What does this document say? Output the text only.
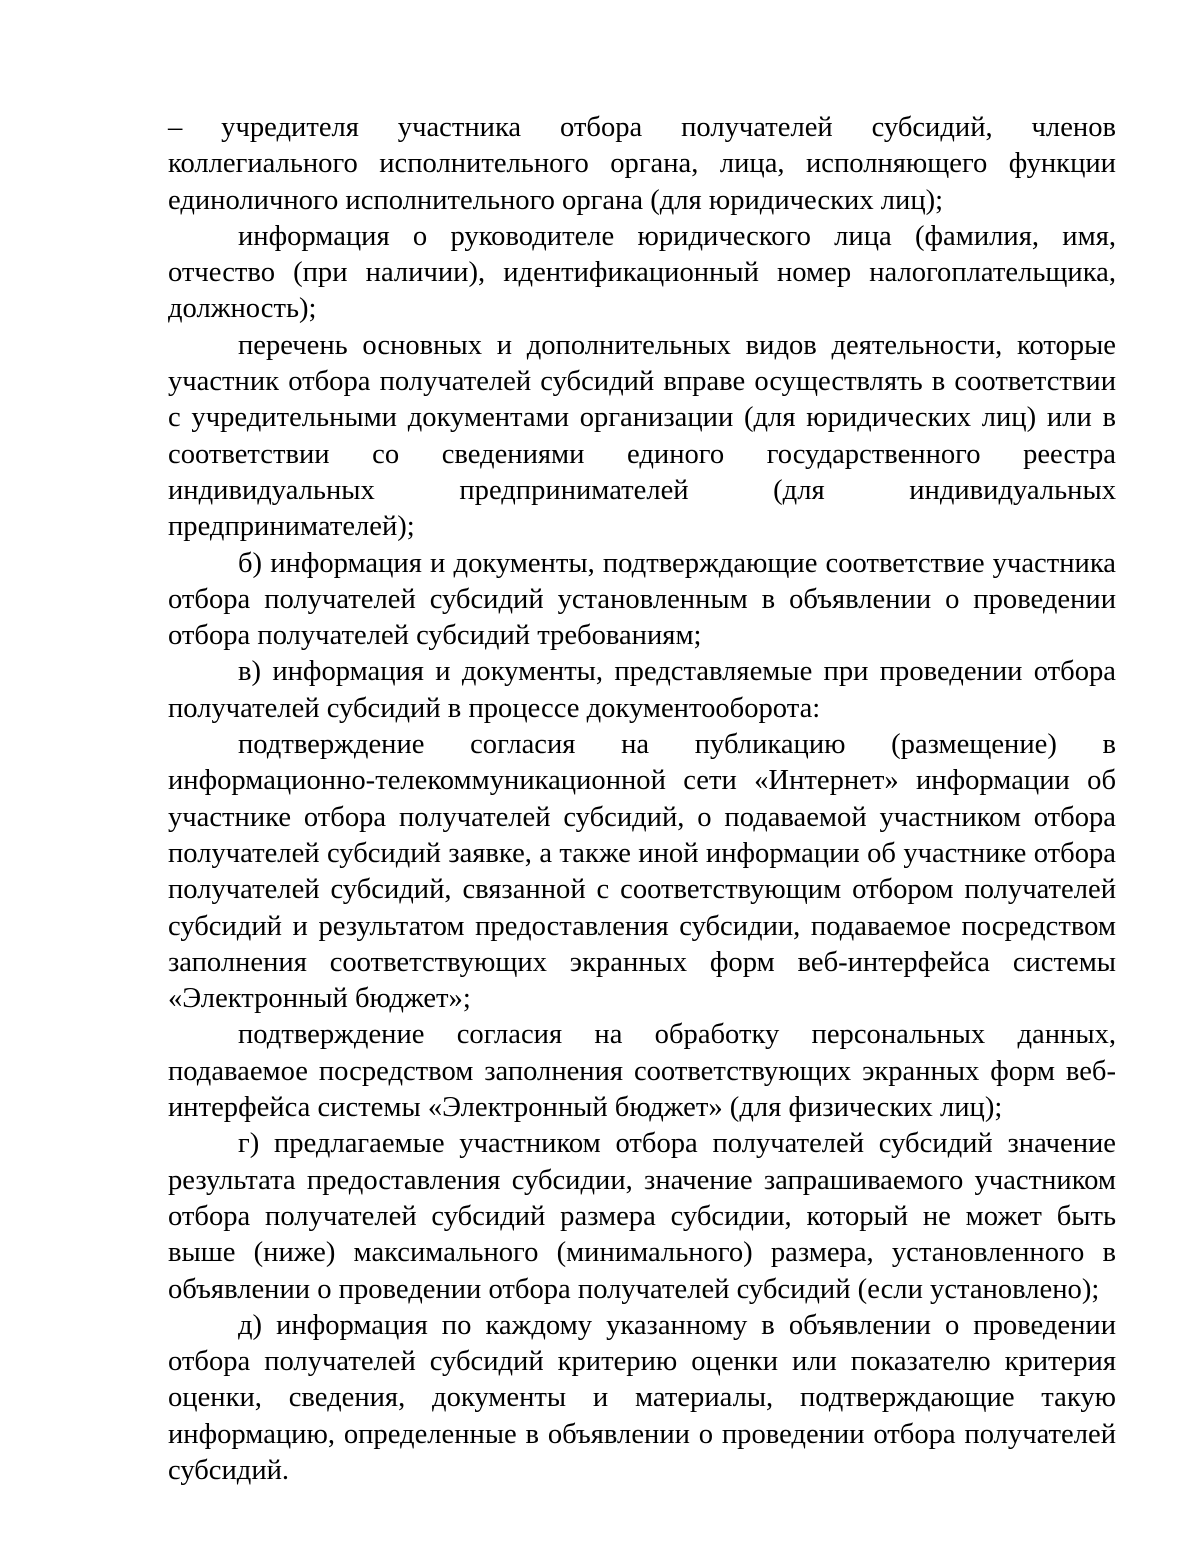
– учредителя участника отбора получателей субсидий, членов коллегиального исполнительного органа, лица, исполняющего функции единоличного исполнительного органа (для юридических лиц);

информация о руководителе юридического лица (фамилия, имя, отчество (при наличии), идентификационный номер налогоплательщика, должность);

перечень основных и дополнительных видов деятельности, которые участник отбора получателей субсидий вправе осуществлять в соответствии с учредительными документами организации (для юридических лиц) или в соответствии со сведениями единого государственного реестра индивидуальных предпринимателей (для индивидуальных предпринимателей);

б) информация и документы, подтверждающие соответствие участника отбора получателей субсидий установленным в объявлении о проведении отбора получателей субсидий требованиям;

в) информация и документы, представляемые при проведении отбора получателей субсидий в процессе документооборота:

подтверждение согласия на публикацию (размещение) в информационно-телекоммуникационной сети «Интернет» информации об участнике отбора получателей субсидий, о подаваемой участником отбора получателей субсидий заявке, а также иной информации об участнике отбора получателей субсидий, связанной с соответствующим отбором получателей субсидий и результатом предоставления субсидии, подаваемое посредством заполнения соответствующих экранных форм веб-интерфейса системы «Электронный бюджет»;

подтверждение согласия на обработку персональных данных, подаваемое посредством заполнения соответствующих экранных форм веб-интерфейса системы «Электронный бюджет» (для физических лиц);

г) предлагаемые участником отбора получателей субсидий значение результата предоставления субсидии, значение запрашиваемого участником отбора получателей субсидий размера субсидии, который не может быть выше (ниже) максимального (минимального) размера, установленного в объявлении о проведении отбора получателей субсидий (если установлено);

д) информация по каждому указанному в объявлении о проведении отбора получателей субсидий критерию оценки или показателю критерия оценки, сведения, документы и материалы, подтверждающие такую информацию, определенные в объявлении о проведении отбора получателей субсидий.
